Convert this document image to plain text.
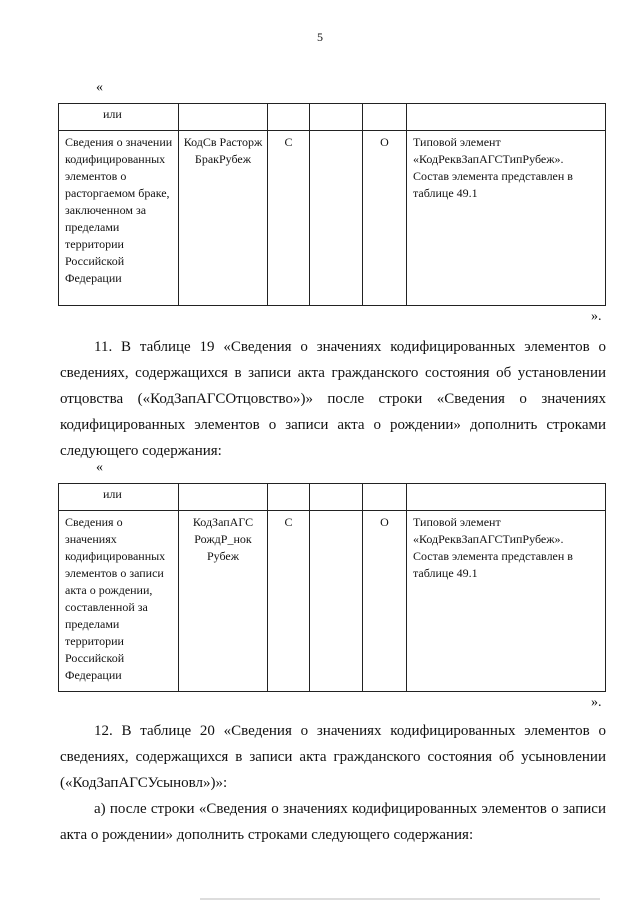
5
«
или					
Сведения о значении кодифицированных элементов о расторгаемом браке, заключенном за пределами территории Российской Федерации	КодСв Расторж БракРубеж	С		О	Типовой элемент «КодРеквЗапАГСТипРубеж». Состав элемента представлен в таблице 49.1
».
11. В таблице 19 «Сведения о значениях кодифицированных элементов о сведениях, содержащихся в записи акта гражданского состояния об установлении отцовства («КодЗапАГСОтцовство»)» после строки «Сведения о значениях кодифицированных элементов о записи акта о рождении» дополнить строками следующего содержания:
«
или					
Сведения о значениях кодифицированных элементов о записи акта о рождении, составленной за пределами территории Российской Федерации	КодЗапАГС РождР_нок Рубеж	С		О	Типовой элемент «КодРеквЗапАГСТипРубеж». Состав элемента представлен в таблице 49.1
».
12. В таблице 20 «Сведения о значениях кодифицированных элементов о сведениях, содержащихся в записи акта гражданского состояния об усыновлении («КодЗапАГСУсыновл»)»:
а) после строки «Сведения о значениях кодифицированных элементов о записи акта о рождении» дополнить строками следующего содержания:
